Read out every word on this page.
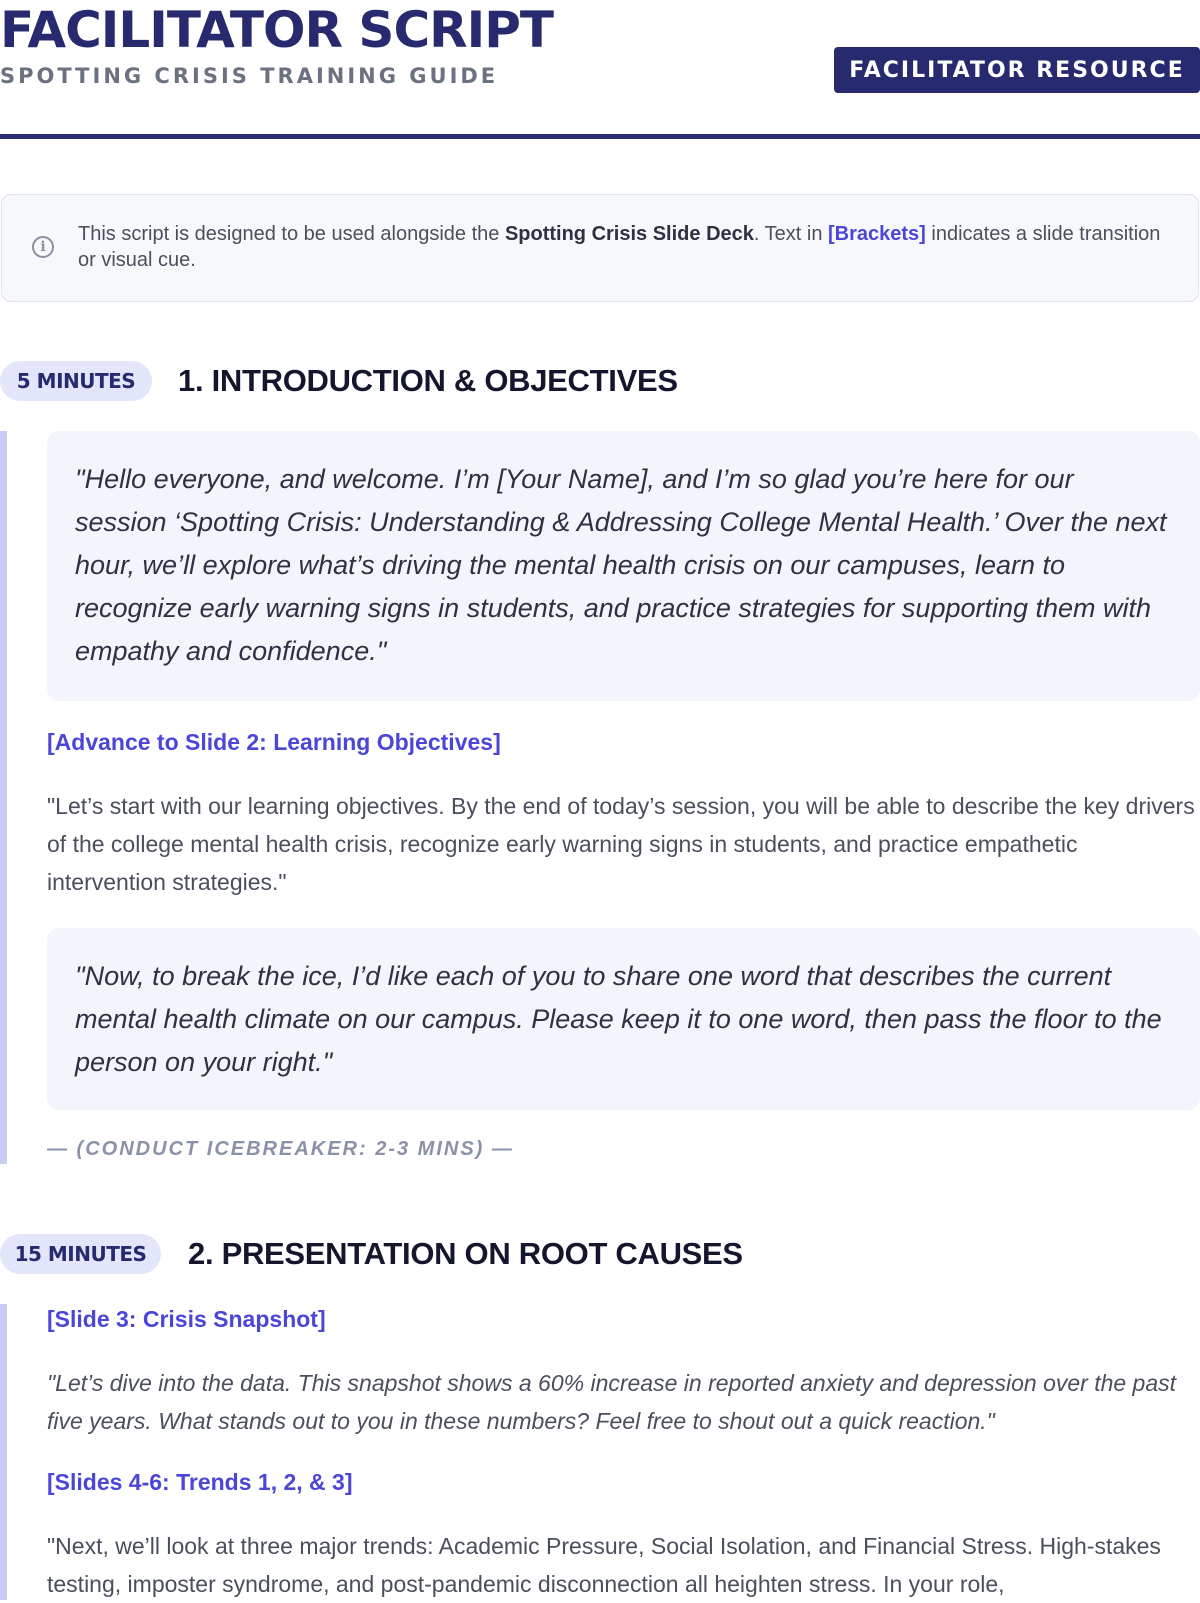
FACILITATOR SCRIPT
SPOTTING CRISIS TRAINING GUIDE	FACILITATOR RESOURCE
i
This script is designed to be used alongside the Spotting Crisis Slide Deck. Text in [Brackets] indicates a slide transition or visual cue.
5 MINUTES	1. INTRODUCTION & OBJECTIVES
"Hello everyone, and welcome. I’m [Your Name], and I’m so glad you’re here for our session ‘Spotting Crisis: Understanding & Addressing College Mental Health.’ Over the next hour, we’ll explore what’s driving the mental health crisis on our campuses, learn to recognize early warning signs in students, and practice strategies for supporting them with empathy and confidence."
[Advance to Slide 2: Learning Objectives]
"Let’s start with our learning objectives. By the end of today’s session, you will be able to describe the key drivers of the college mental health crisis, recognize early warning signs in students, and practice empathetic intervention strategies."
"Now, to break the ice, I’d like each of you to share one word that describes the current mental health climate on our campus. Please keep it to one word, then pass the floor to the person on your right."
— (CONDUCT ICEBREAKER: 2-3 MINS) —
15 MINUTES	2. PRESENTATION ON ROOT CAUSES
[Slide 3: Crisis Snapshot]
"Let’s dive into the data. This snapshot shows a 60% increase in reported anxiety and depression over the past five years. What stands out to you in these numbers? Feel free to shout out a quick reaction."
[Slides 4-6: Trends 1, 2, & 3]
"Next, we’ll look at three major trends: Academic Pressure, Social Isolation, and Financial Stress. High-stakes testing, imposter syndrome, and post-pandemic disconnection all heighten stress. In your role,
